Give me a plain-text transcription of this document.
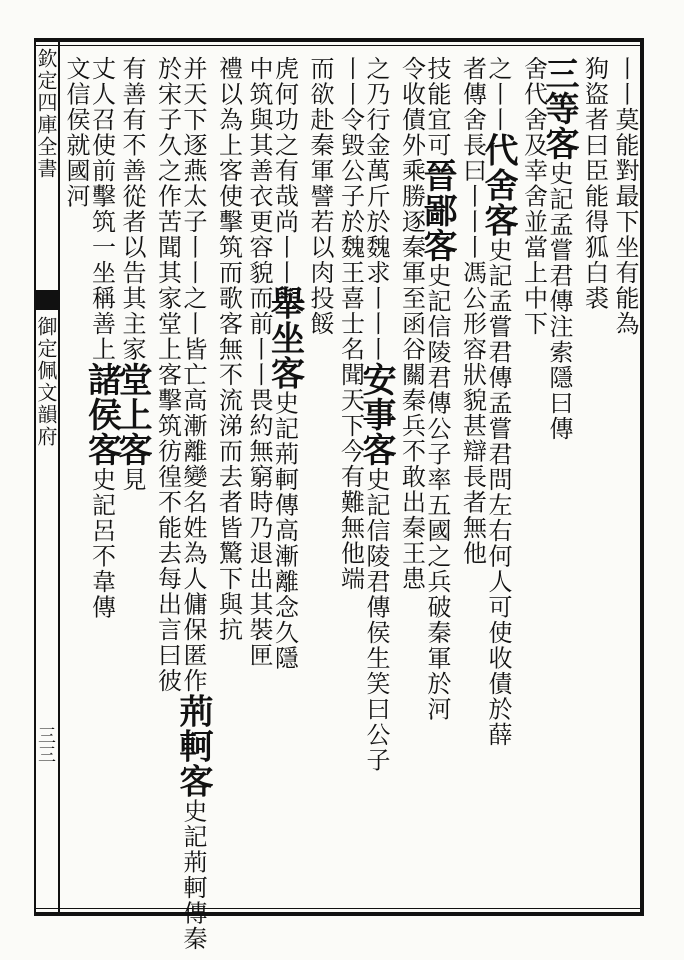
欽定四庫全書
御定佩文韻府
三三
丨丨莫能對最下坐有能為
狗盜者曰臣能得狐白裘
三等客史記孟嘗君傳注索隱曰傳
舍代舍及幸舍並當上中下
之丨丨代舍客史記孟嘗君傳孟嘗君問左右何人可使收債於薛
者傳舍長曰丨丨丨馮公形容狀貌甚辯長者無他
技能宜可晉鄙客史記信陵君傳公子率五國之兵破秦軍於河
令收債外乘勝逐秦軍至函谷關秦兵不敢出秦王患
之乃行金萬斤於魏求丨丨丨安事客史記信陵君傳侯生笑曰公子
丨丨令毀公子於魏王喜士名聞天下今有難無他端
而欲赴秦軍譬若以肉投餒
虎何功之有哉尚丨丨舉坐客史記荊軻傳高漸離念久隱
中筑與其善衣更容貌而前丨丨畏約無窮時乃退出其裝匣
禮以為上客使擊筑而歌客無不流涕而去者皆驚下與抗
并天下逐燕太子丨丨之丨皆亡高漸離變名姓為人傭保匿作荊軻客史記荊軻傳秦
於宋子久之作苦聞其家堂上客擊筑彷徨不能去每出言曰彼
有善有不善從者以告其主家堂上客見
丈人召使前擊筑一坐稱善上諸侯客史記呂不韋傳
文信侯就國河
